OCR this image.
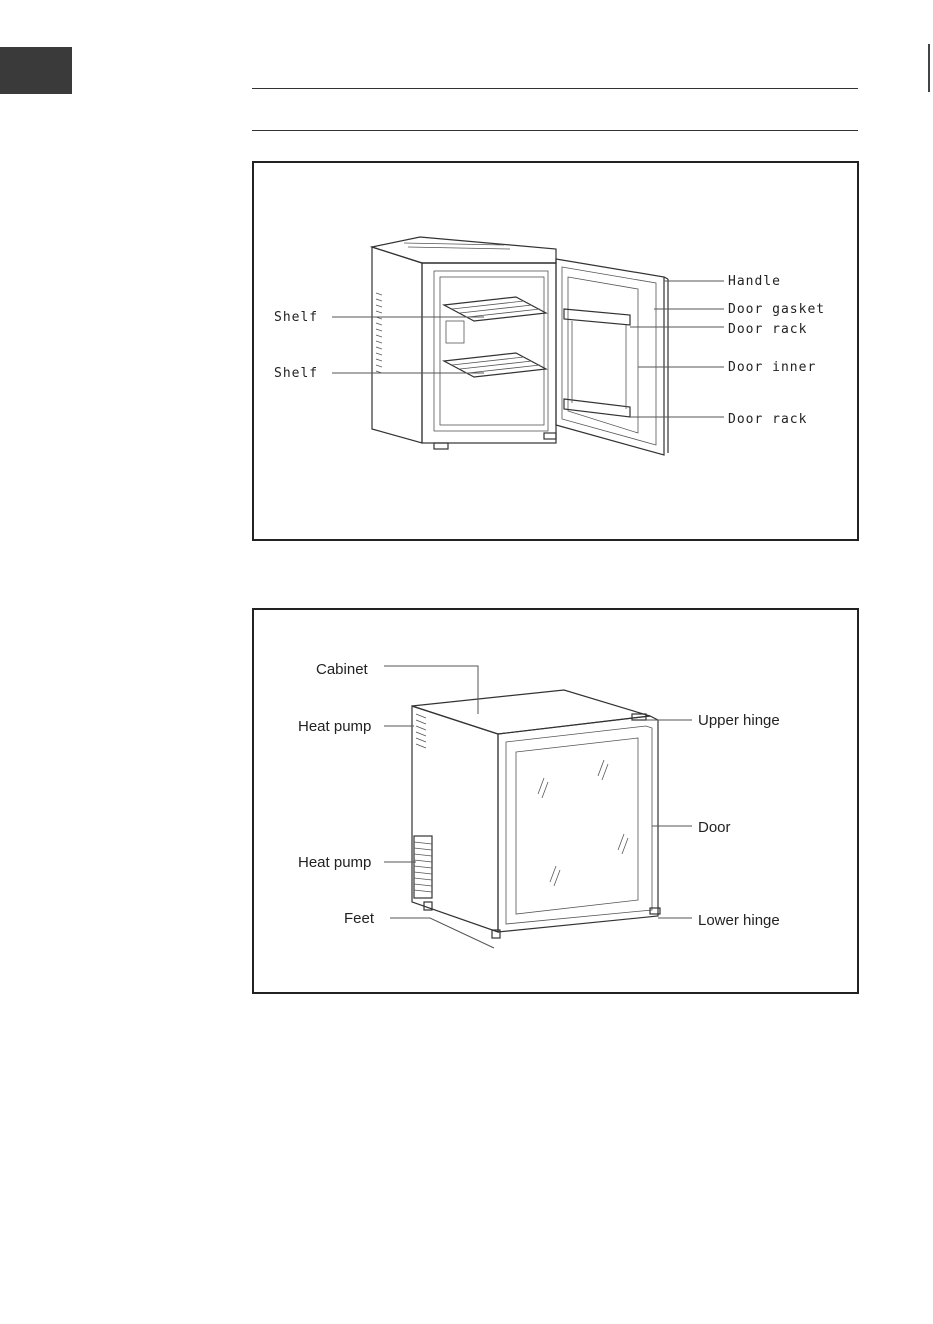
Shelf
Shelf
Handle
Door gasket
Door rack
Door inner
Door rack
Cabinet
Heat pump
Heat pump
Feet
Upper hinge
Door
Lower hinge
